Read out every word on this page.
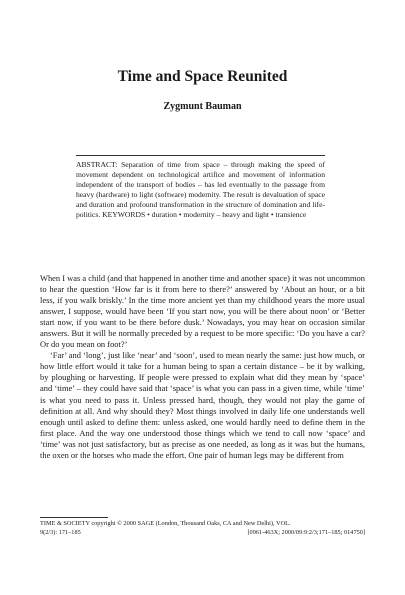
Time and Space Reunited
Zygmunt Bauman

ABSTRACT: Separation of time from space – through making the speed of movement dependent on technological artifice and movement of information independent of the transport of bodies – has led eventually to the passage from heavy (hardware) to light (software) modernity. The result is devaluation of space and duration and profound transformation in the structure of domination and life-politics. KEYWORDS • duration • modernity – heavy and light • transience

When I was a child (and that happened in another time and another space) it was not uncommon to hear the question ‘How far is it from here to there?’ answered by ‘About an hour, or a bit less, if you walk briskly.’ In the time more ancient yet than my childhood years the more usual answer, I suppose, would have been ‘If you start now, you will be there about noon’ or ‘Better start now, if you want to be there before dusk.’ Nowadays, you may hear on occasion similar answers. But it will be normally preceded by a request to be more specific: ‘Do you have a car? Or do you mean on foot?’

‘Far’ and ‘long’, just like ‘near’ and ‘soon’, used to mean nearly the same: just how much, or how little effort would it take for a human being to span a certain distance – be it by walking, by ploughing or harvesting. If people were pressed to explain what did they mean by ‘space’ and ‘time’ – they could have said that ‘space’ is what you can pass in a given time, while ‘time’ is what you need to pass it. Unless pressed hard, though, they would not play the game of definition at all. And why should they? Most things involved in daily life one understands well enough until asked to define them: unless asked, one would hardly need to define them in the first place. And the way one understood those things which we tend to call now ‘space’ and ‘time’ was not just satisfactory, but as precise as one needed, as long as it was but the humans, the oxen or the horses who made the effort. One pair of human legs may be different from

TIME & SOCIETY copyright © 2000 SAGE (London, Thousand Oaks, CA and New Delhi), VOL.
9(2/3): 171–185	[0961-463X; 2000/09:9:2/3;171–185; 014750]
